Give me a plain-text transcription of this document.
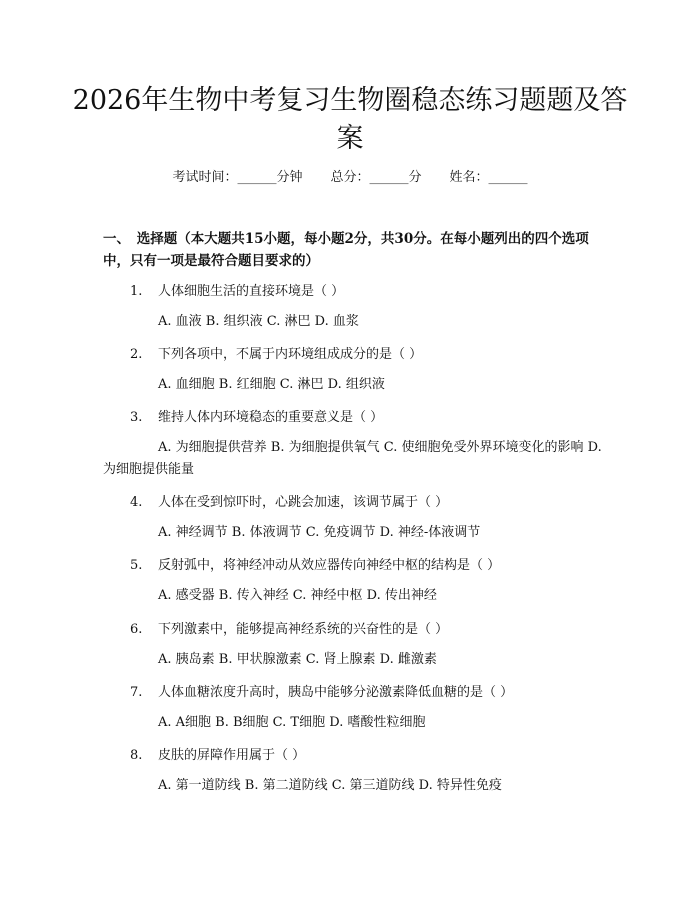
2026年生物中考复习生物圈稳态练习题题及答案
考试时间：______分钟 总分：______分 姓名：______
一、　选择题（本大题共15小题，每小题2分，共30分。在每小题列出的四个选项中，只有一项是最符合题目要求的）
1. 人体细胞生活的直接环境是（ ）
A. 血液 B. 组织液 C. 淋巴 D. 血浆
2. 下列各项中，不属于内环境组成成分的是（ ）
A. 血细胞 B. 红细胞 C. 淋巴 D. 组织液
3. 维持人体内环境稳态的重要意义是（ ）
A. 为细胞提供营养 B. 为细胞提供氧气 C. 使细胞免受外界环境变化的影响 D. 为细胞提供能量
4. 人体在受到惊吓时，心跳会加速，该调节属于（ ）
A. 神经调节 B. 体液调节 C. 免疫调节 D. 神经-体液调节
5. 反射弧中，将神经冲动从效应器传向神经中枢的结构是（ ）
A. 感受器 B. 传入神经 C. 神经中枢 D. 传出神经
6. 下列激素中，能够提高神经系统的兴奋性的是（ ）
A. 胰岛素 B. 甲状腺激素 C. 肾上腺素 D. 雌激素
7. 人体血糖浓度升高时，胰岛中能够分泌激素降低血糖的是（ ）
A. A细胞 B. B细胞 C. T细胞 D. 嗜酸性粒细胞
8. 皮肤的屏障作用属于（ ）
A. 第一道防线 B. 第二道防线 C. 第三道防线 D. 特异性免疫
